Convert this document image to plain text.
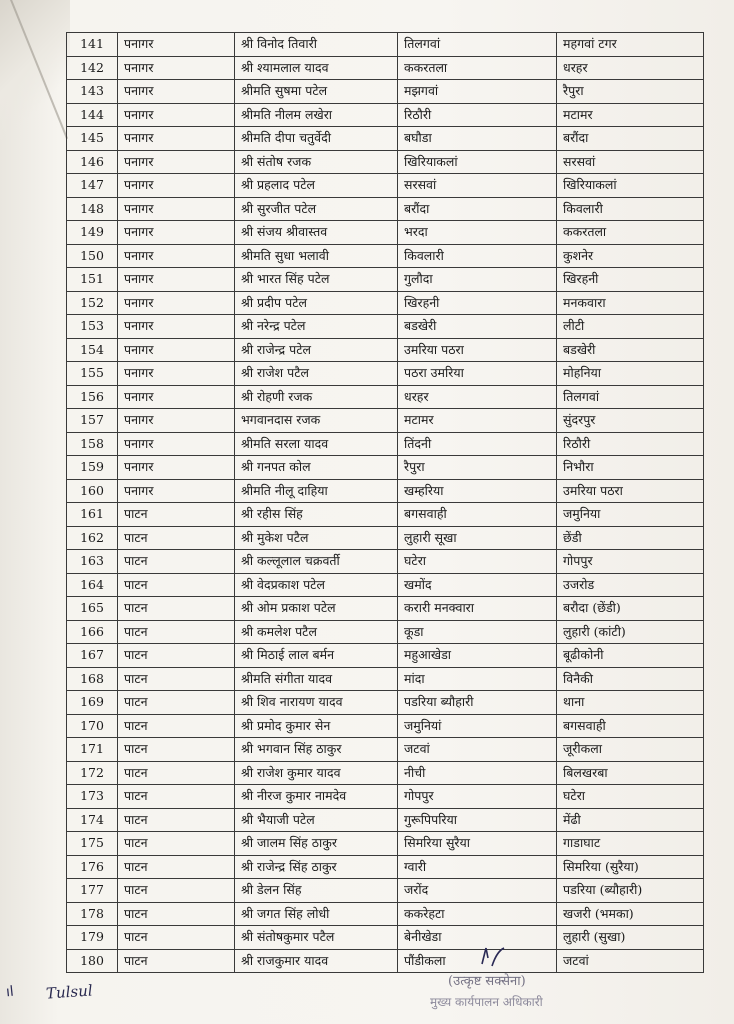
141	पनागर	श्री विनोद तिवारी	तिलगवां	महगवां टगर
142	पनागर	श्री श्यामलाल यादव	ककरतला	धरहर
143	पनागर	श्रीमति सुषमा पटेल	मझगवां	रैपुरा
144	पनागर	श्रीमति नीलम लखेरा	रिठौरी	मटामर
145	पनागर	श्रीमति दीपा चतुर्वेदी	बघौडा	बरौंदा
146	पनागर	श्री संतोष रजक	खिरियाकलां	सरसवां
147	पनागर	श्री प्रहलाद पटेल	सरसवां	खिरियाकलां
148	पनागर	श्री सुरजीत पटेल	बरौंदा	किवलारी
149	पनागर	श्री संजय श्रीवास्तव	भरदा	ककरतला
150	पनागर	श्रीमति सुधा भलावी	किवलारी	कुशनेर
151	पनागर	श्री भारत सिंह पटेल	गुलौदा	खिरहनी
152	पनागर	श्री प्रदीप पटेल	खिरहनी	मनकवारा
153	पनागर	श्री नरेन्द्र पटेल	बडखेरी	लीटी
154	पनागर	श्री राजेन्द्र पटेल	उमरिया पठरा	बडखेरी
155	पनागर	श्री राजेश पटैल	पठरा उमरिया	मोहनिया
156	पनागर	श्री रोहणी रजक	धरहर	तिलगवां
157	पनागर	भगवानदास रजक	मटामर	सुंदरपुर
158	पनागर	श्रीमति सरला यादव	तिंदनी	रिठौरी
159	पनागर	श्री गनपत कोल	रैपुरा	निभौरा
160	पनागर	श्रीमति नीलू दाहिया	खम्हरिया	उमरिया पठरा
161	पाटन	श्री रहीस सिंह	बगसवाही	जमुनिया
162	पाटन	श्री मुकेश पटैल	लुहारी सूखा	छेंडी
163	पाटन	श्री कल्लूलाल चक्रवर्ती	घटेरा	गोपपुर
164	पाटन	श्री वेदप्रकाश पटेल	खमोंद	उजरोड
165	पाटन	श्री ओम प्रकाश पटेल	करारी मनक्वारा	बरौदा (छेंडी)
166	पाटन	श्री कमलेश पटैल	कूडा	लुहारी (कांटी)
167	पाटन	श्री मिठाई लाल बर्मन	महुआखेडा	बूढीकोनी
168	पाटन	श्रीमति संगीता यादव	मांदा	विनैकी
169	पाटन	श्री शिव नारायण यादव	पडरिया ब्यौहारी	थाना
170	पाटन	श्री प्रमोद कुमार सेन	जमुनियां	बगसवाही
171	पाटन	श्री भगवान सिंह ठाकुर	जटवां	जूरीकला
172	पाटन	श्री राजेश कुमार यादव	नीची	बिलखरबा
173	पाटन	श्री नीरज कुमार नामदेव	गोपपुर	घटेरा
174	पाटन	श्री भैयाजी पटेल	गुरूपिपरिया	मेंढी
175	पाटन	श्री जालम सिंह ठाकुर	सिमरिया सुरैया	गाडाघाट
176	पाटन	श्री राजेन्द्र सिंह ठाकुर	ग्वारी	सिमरिया (सुरैया)
177	पाटन	श्री डेलन सिंह	जरोंद	पडरिया (ब्यौहारी)
178	पाटन	श्री जगत सिंह लोधी	ककरेहटा	खजरी (भमका)
179	पाटन	श्री संतोषकुमार पटैल	बेनीखेडा	लुहारी (सुखा)
180	पाटन	श्री राजकुमार यादव	पौंडीकला	जटवां
ıl Tulsul	(उत्कृष्ट सक्सेना)
मुख्य कार्यपालन अधिकारी
